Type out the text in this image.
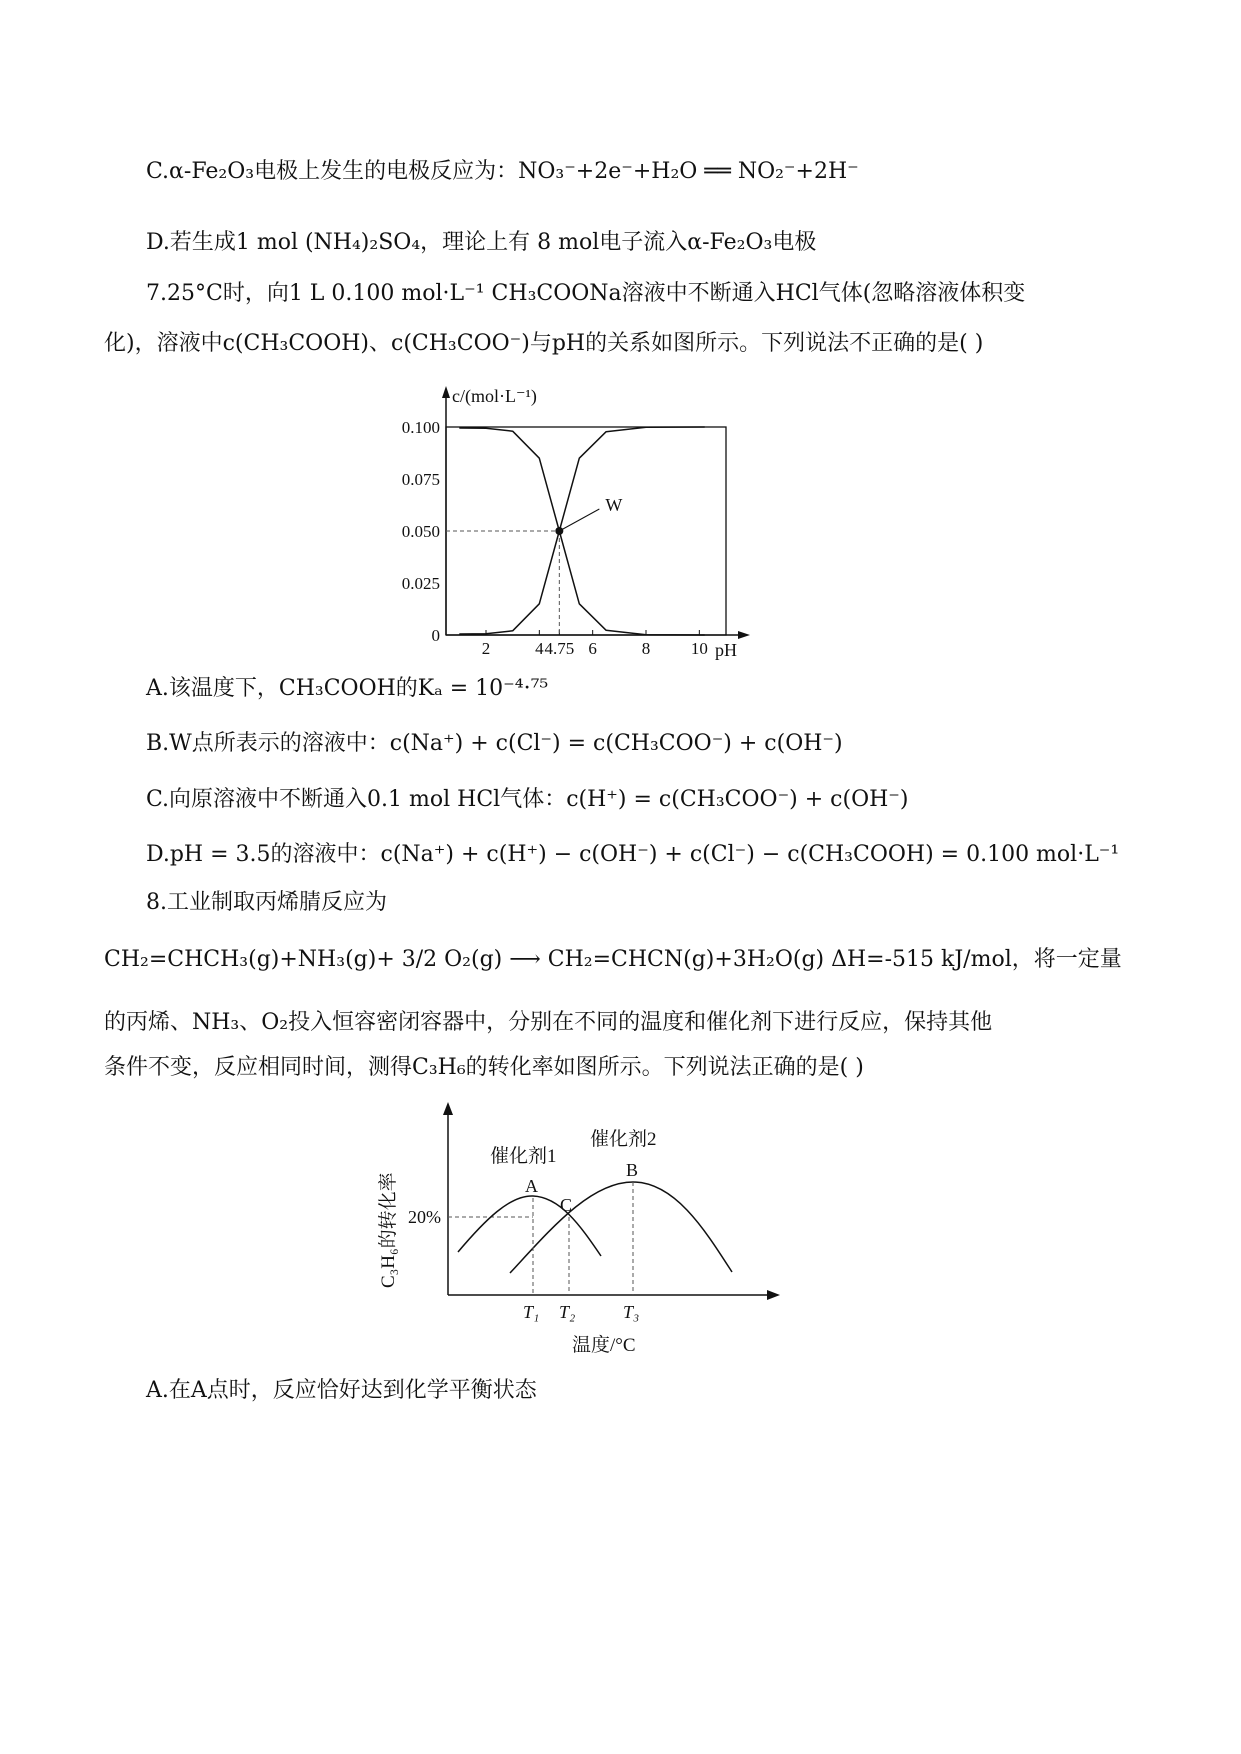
C.α-Fe₂O₃电极上发生的电极反应为：NO₃⁻+2e⁻+H₂O ══ NO₂⁻+2H⁻
D.若生成1 mol (NH₄)₂SO₄，理论上有 8 mol电子流入α-Fe₂O₃电极
7.25°C时，向1 L 0.100 mol·L⁻¹ CH₃COONa溶液中不断通入HCl气体(忽略溶液体积变
化)，溶液中c(CH₃COOH)、c(CH₃COO⁻)与pH的关系如图所示。下列说法不正确的是( )
c/(mol·L⁻¹)
pH
2	4 4.75 6	8 10
0
0.025
0.050
0.075
0.100
W
A.该温度下，CH₃COOH的Kₐ = 10⁻⁴·⁷⁵
B.W点所表示的溶液中：c(Na⁺) + c(Cl⁻) = c(CH₃COO⁻) + c(OH⁻)
C.向原溶液中不断通入0.1 mol HCl气体：c(H⁺) = c(CH₃COO⁻) + c(OH⁻)
D.pH = 3.5的溶液中：c(Na⁺) + c(H⁺) − c(OH⁻) + c(Cl⁻) − c(CH₃COOH) = 0.100 mol·L⁻¹
8.工业制取丙烯腈反应为
CH₂=CHCH₃(g)+NH₃(g)+ 3/2 O₂(g) ⟶ CH₂=CHCN(g)+3H₂O(g) ΔH=-515 kJ/mol，将一定量
的丙烯、NH₃、O₂投入恒容密闭容器中，分别在不同的温度和催化剂下进行反应，保持其他
条件不变，反应相同时间，测得C₃H₆的转化率如图所示。下列说法正确的是( )
C₃H₆的转化率
温度/°C
20%
A
B
C
催化剂1
催化剂2
T₁ T₂	T₃
A.在A点时，反应恰好达到化学平衡状态
